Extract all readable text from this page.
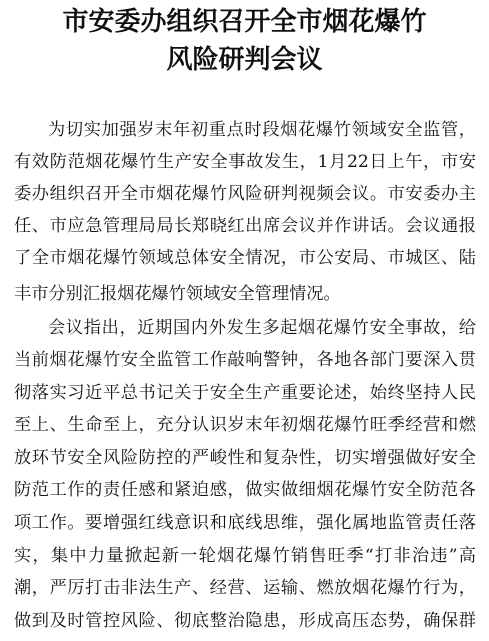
市安委办组织召开全市烟花爆竹
风险研判会议
为切实加强岁末年初重点时段烟花爆竹领域安全监管，
有效防范烟花爆竹生产安全事故发生，1月22日上午，市安
委办组织召开全市烟花爆竹风险研判视频会议。市安委办主
任、市应急管理局局长郑晓红出席会议并作讲话。会议通报
了全市烟花爆竹领域总体安全情况，市公安局、市城区、陆
丰市分别汇报烟花爆竹领域安全管理情况。
会议指出，近期国内外发生多起烟花爆竹安全事故，给
当前烟花爆竹安全监管工作敲响警钟，各地各部门要深入贯
彻落实习近平总书记关于安全生产重要论述，始终坚持人民
至上、生命至上，充分认识岁末年初烟花爆竹旺季经营和燃
放环节安全风险防控的严峻性和复杂性，切实增强做好安全
防范工作的责任感和紧迫感，做实做细烟花爆竹安全防范各
项工作。要增强红线意识和底线思维，强化属地监管责任落
实，集中力量掀起新一轮烟花爆竹销售旺季“打非治违”高
潮，严厉打击非法生产、经营、运输、燃放烟花爆竹行为，
做到及时管控风险、彻底整治隐患，形成高压态势，确保群
